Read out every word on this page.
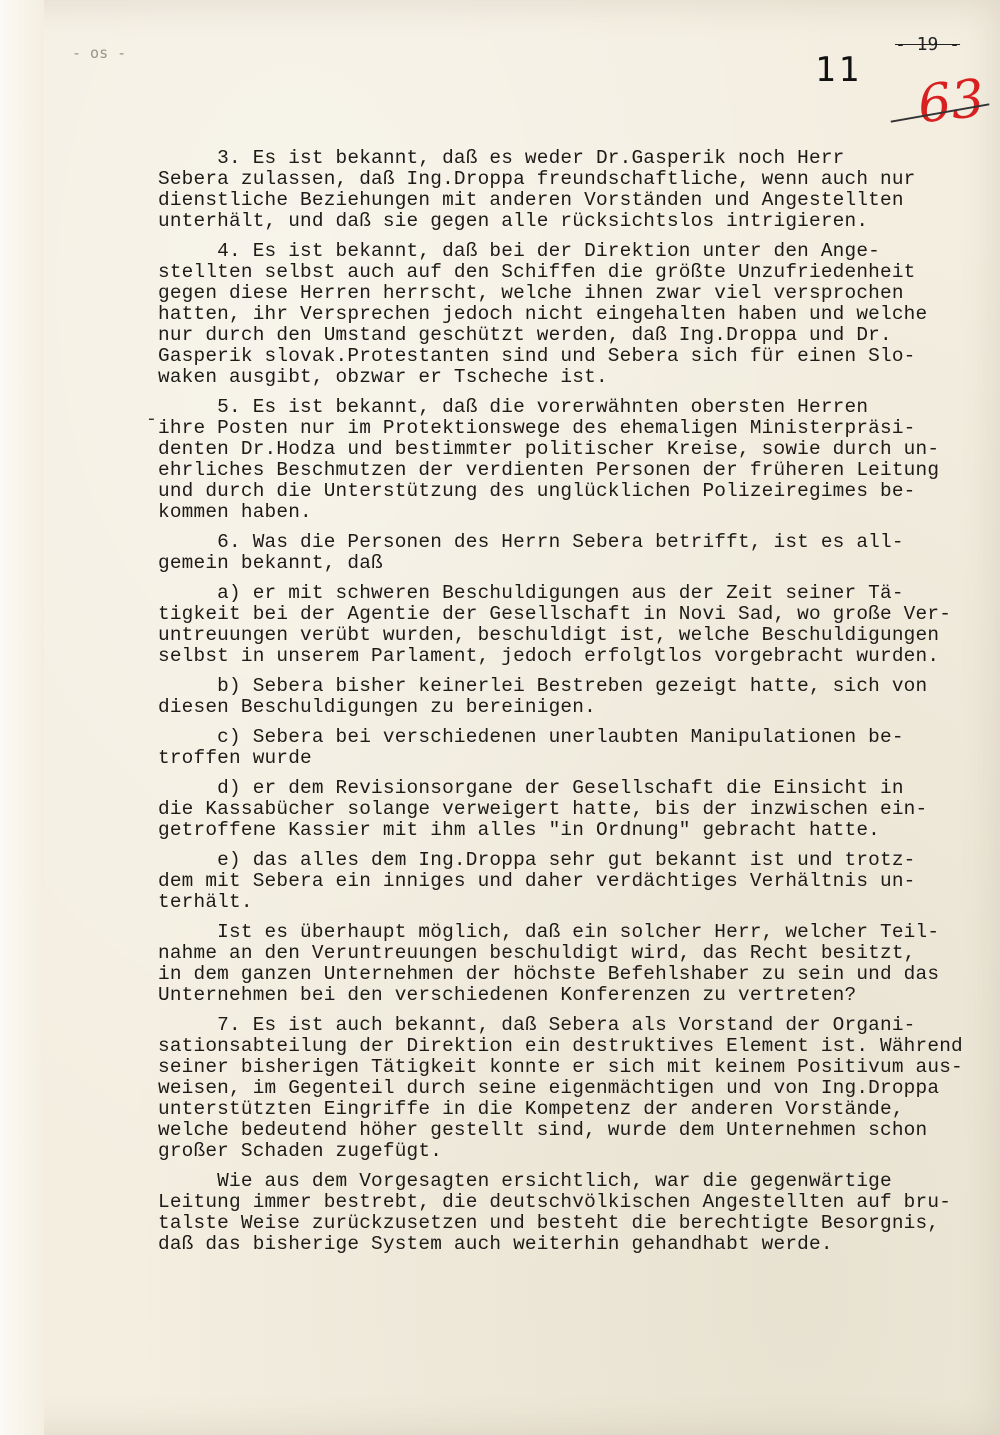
- os -	11
- 19 -
63
-

3. Es ist bekannt, daß es weder Dr.Gasperik noch Herr
Sebera zulassen, daß Ing.Droppa freundschaftliche, wenn auch nur
dienstliche Beziehungen mit anderen Vorständen und Angestellten
unterhält, und daß sie gegen alle rücksichtslos intrigieren.

4. Es ist bekannt, daß bei der Direktion unter den Ange-
stellten selbst auch auf den Schiffen die größte Unzufriedenheit
gegen diese Herren herrscht, welche ihnen zwar viel versprochen
hatten, ihr Versprechen jedoch nicht eingehalten haben und welche
nur durch den Umstand geschützt werden, daß Ing.Droppa und Dr.
Gasperik slovak.Protestanten sind und Sebera sich für einen Slo-
waken ausgibt, obzwar er Tscheche ist.

5. Es ist bekannt, daß die vorerwähnten obersten Herren
ihre Posten nur im Protektionswege des ehemaligen Ministerpräsi-
denten Dr.Hodza und bestimmter politischer Kreise, sowie durch un-
ehrliches Beschmutzen der verdienten Personen der früheren Leitung
und durch die Unterstützung des unglücklichen Polizeiregimes be-
kommen haben.

6. Was die Personen des Herrn Sebera betrifft, ist es all-
gemein bekannt, daß

a) er mit schweren Beschuldigungen aus der Zeit seiner Tä-
tigkeit bei der Agentie der Gesellschaft in Novi Sad, wo große Ver-
untreuungen verübt wurden, beschuldigt ist, welche Beschuldigungen
selbst in unserem Parlament, jedoch erfolgtlos vorgebracht wurden.

b) Sebera bisher keinerlei Bestreben gezeigt hatte, sich von
diesen Beschuldigungen zu bereinigen.

c) Sebera bei verschiedenen unerlaubten Manipulationen be-
troffen wurde

d) er dem Revisionsorgane der Gesellschaft die Einsicht in
die Kassabücher solange verweigert hatte, bis der inzwischen ein-
getroffene Kassier mit ihm alles "in Ordnung" gebracht hatte.

e) das alles dem Ing.Droppa sehr gut bekannt ist und trotz-
dem mit Sebera ein inniges und daher verdächtiges Verhältnis un-
terhält.

Ist es überhaupt möglich, daß ein solcher Herr, welcher Teil-
nahme an den Veruntreuungen beschuldigt wird, das Recht besitzt,
in dem ganzen Unternehmen der höchste Befehlshaber zu sein und das
Unternehmen bei den verschiedenen Konferenzen zu vertreten?

7. Es ist auch bekannt, daß Sebera als Vorstand der Organi-
sationsabteilung der Direktion ein destruktives Element ist. Während
seiner bisherigen Tätigkeit konnte er sich mit keinem Positivum aus-
weisen, im Gegenteil durch seine eigenmächtigen und von Ing.Droppa
unterstützten Eingriffe in die Kompetenz der anderen Vorstände,
welche bedeutend höher gestellt sind, wurde dem Unternehmen schon
großer Schaden zugefügt.

Wie aus dem Vorgesagten ersichtlich, war die gegenwärtige
Leitung immer bestrebt, die deutschvölkischen Angestellten auf bru-
talste Weise zurückzusetzen und besteht die berechtigte Besorgnis,
daß das bisherige System auch weiterhin gehandhabt werde.
